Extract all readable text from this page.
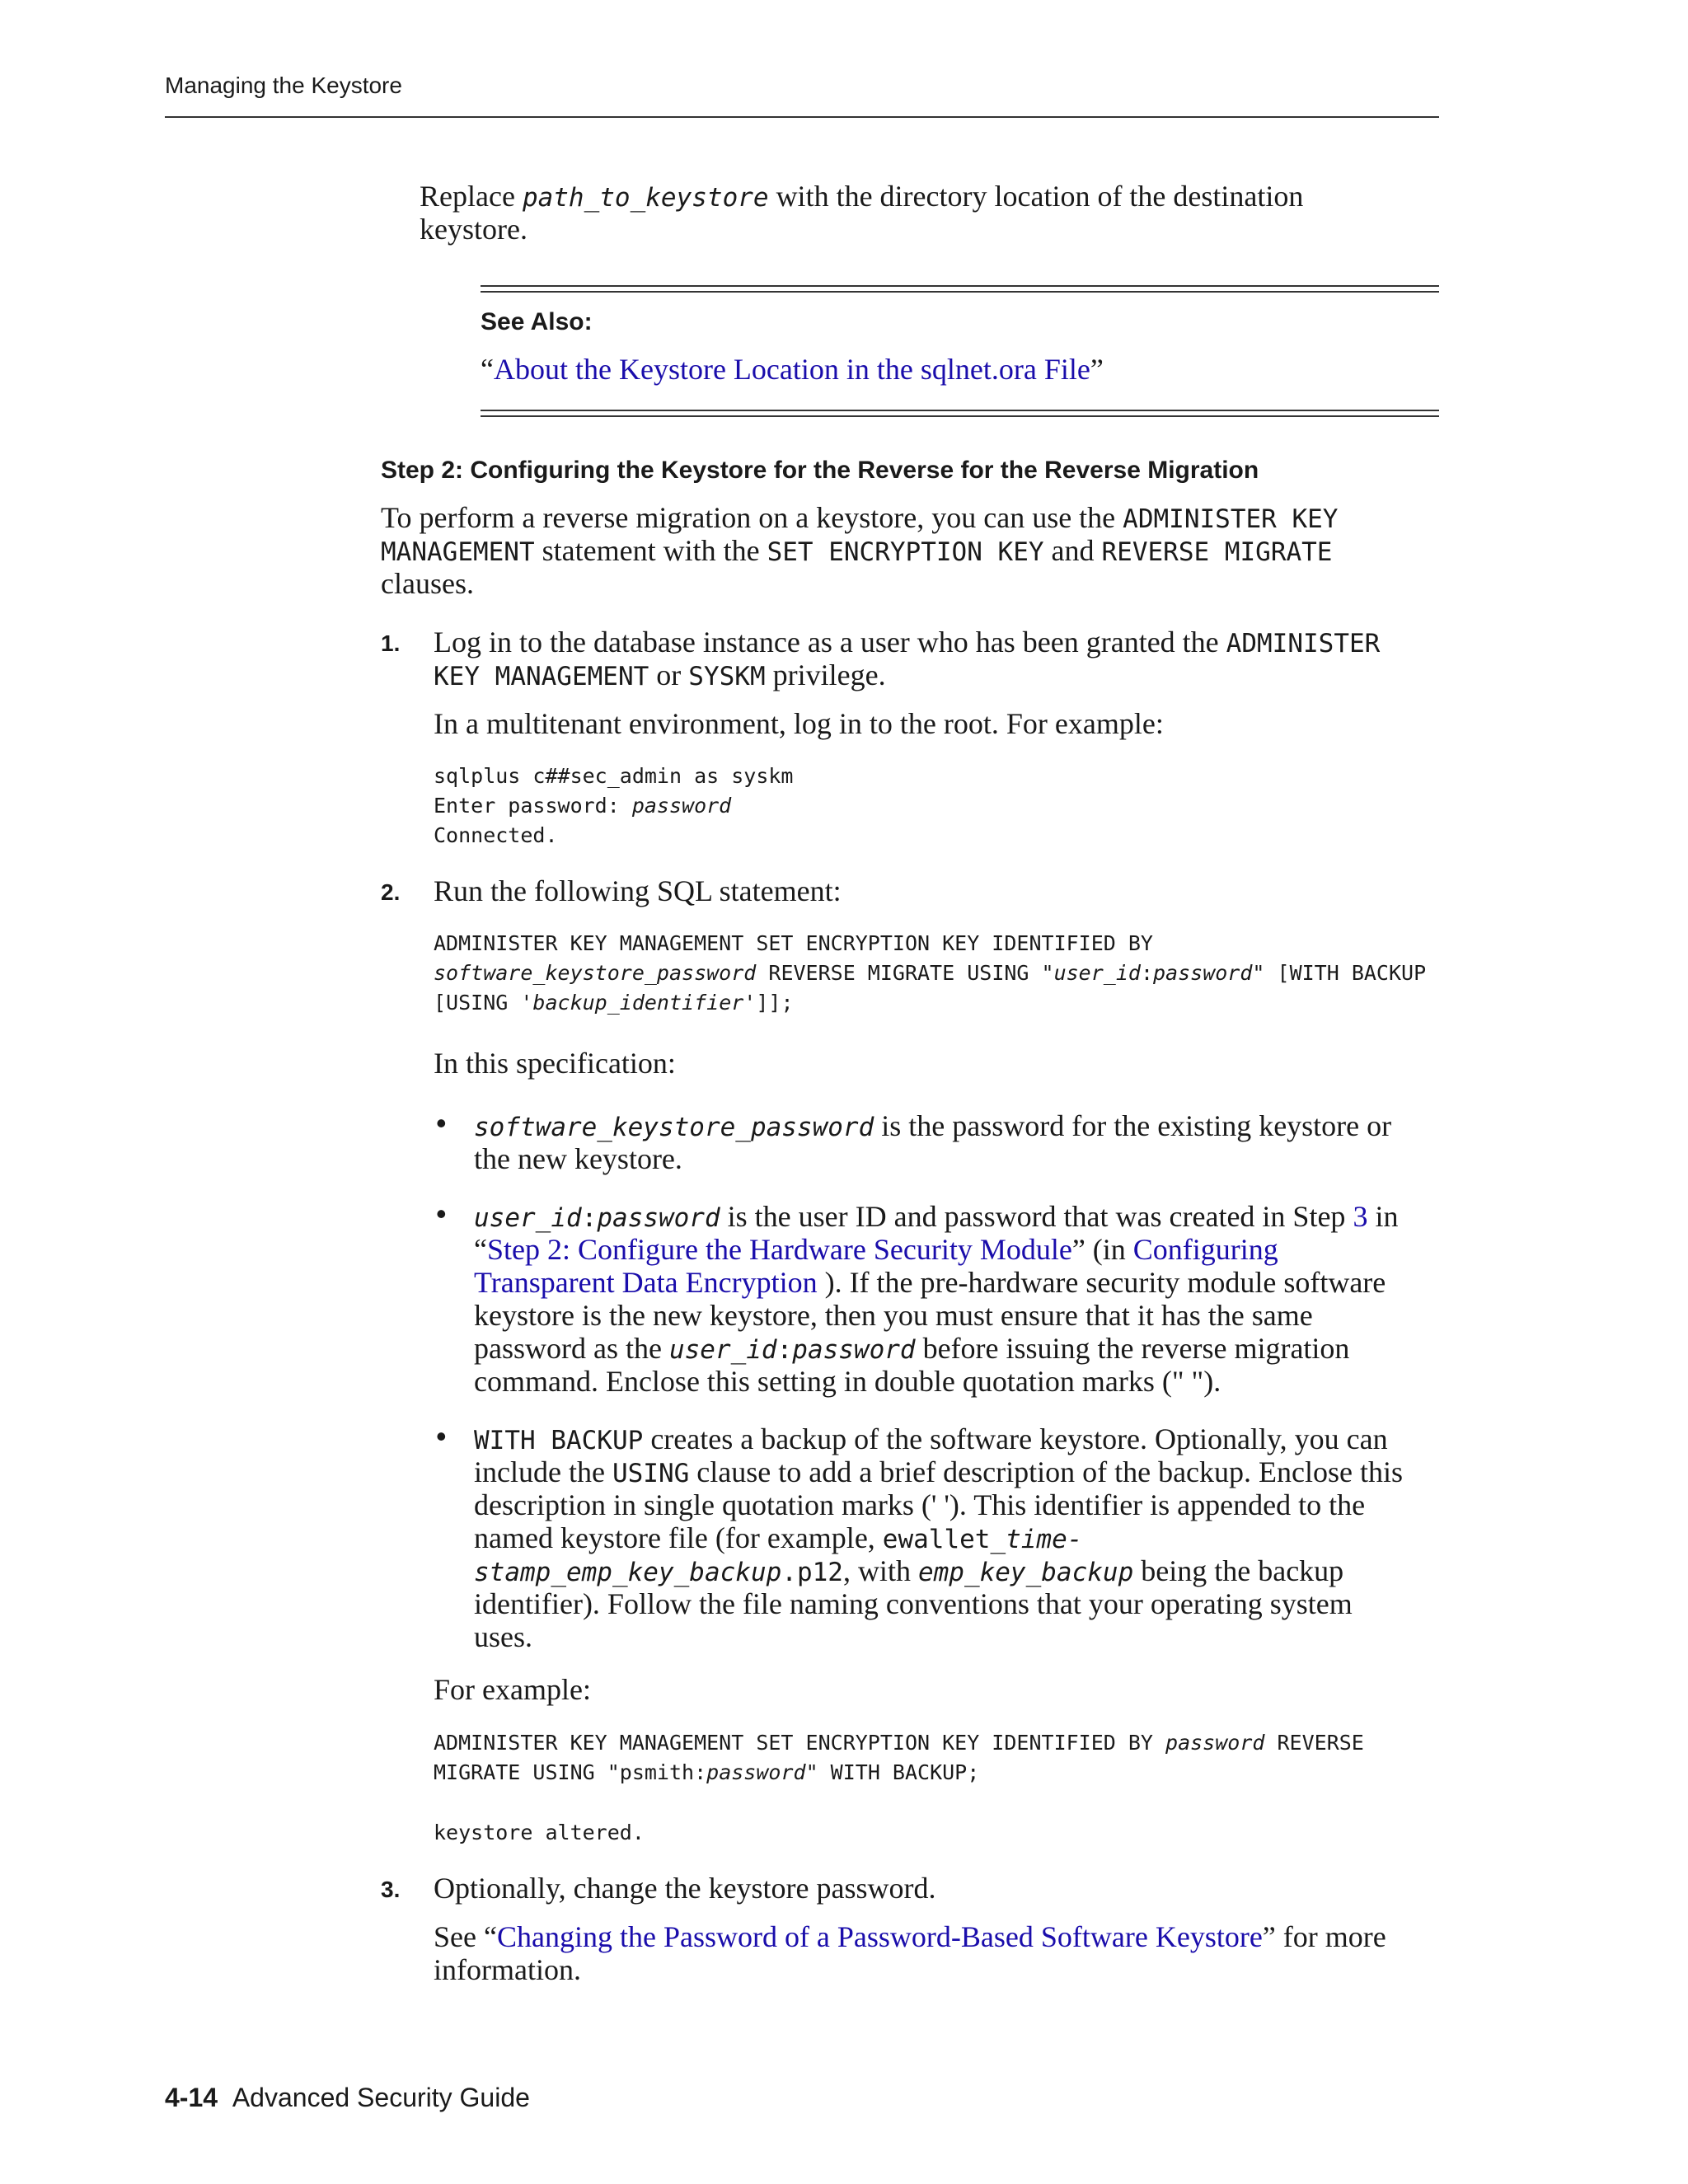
Managing the Keystore
Replace path_to_keystore with the directory location of the destination
keystore.
See Also:
“About the Keystore Location in the sqlnet.ora File”
Step 2: Configuring the Keystore for the Reverse for the Reverse Migration
To perform a reverse migration on a keystore, you can use the ADMINISTER KEY
MANAGEMENT statement with the SET ENCRYPTION KEY and REVERSE MIGRATE
clauses.
1. Log in to the database instance as a user who has been granted the ADMINISTER
KEY MANAGEMENT or SYSKM privilege.
In a multitenant environment, log in to the root. For example:
sqlplus c##sec_admin as syskm
Enter password: password
Connected.
2. Run the following SQL statement:
ADMINISTER KEY MANAGEMENT SET ENCRYPTION KEY IDENTIFIED BY
software_keystore_password REVERSE MIGRATE USING "user_id:password" [WITH BACKUP
[USING 'backup_identifier']];
In this specification:
• software_keystore_password is the password for the existing keystore or
the new keystore.
• user_id:password is the user ID and password that was created in Step 3 in
“Step 2: Configure the Hardware Security Module” (in Configuring
Transparent Data Encryption ). If the pre-hardware security module software
keystore is the new keystore, then you must ensure that it has the same
password as the user_id:password before issuing the reverse migration
command. Enclose this setting in double quotation marks (" ").
• WITH BACKUP creates a backup of the software keystore. Optionally, you can
include the USING clause to add a brief description of the backup. Enclose this
description in single quotation marks (' '). This identifier is appended to the
named keystore file (for example, ewallet_time-
stamp_emp_key_backup.p12, with emp_key_backup being the backup
identifier). Follow the file naming conventions that your operating system
uses.
For example:
ADMINISTER KEY MANAGEMENT SET ENCRYPTION KEY IDENTIFIED BY password REVERSE
MIGRATE USING "psmith:password" WITH BACKUP;
keystore altered.
3. Optionally, change the keystore password.
See “Changing the Password of a Password-Based Software Keystore” for more
information.
4-14 Advanced Security Guide
